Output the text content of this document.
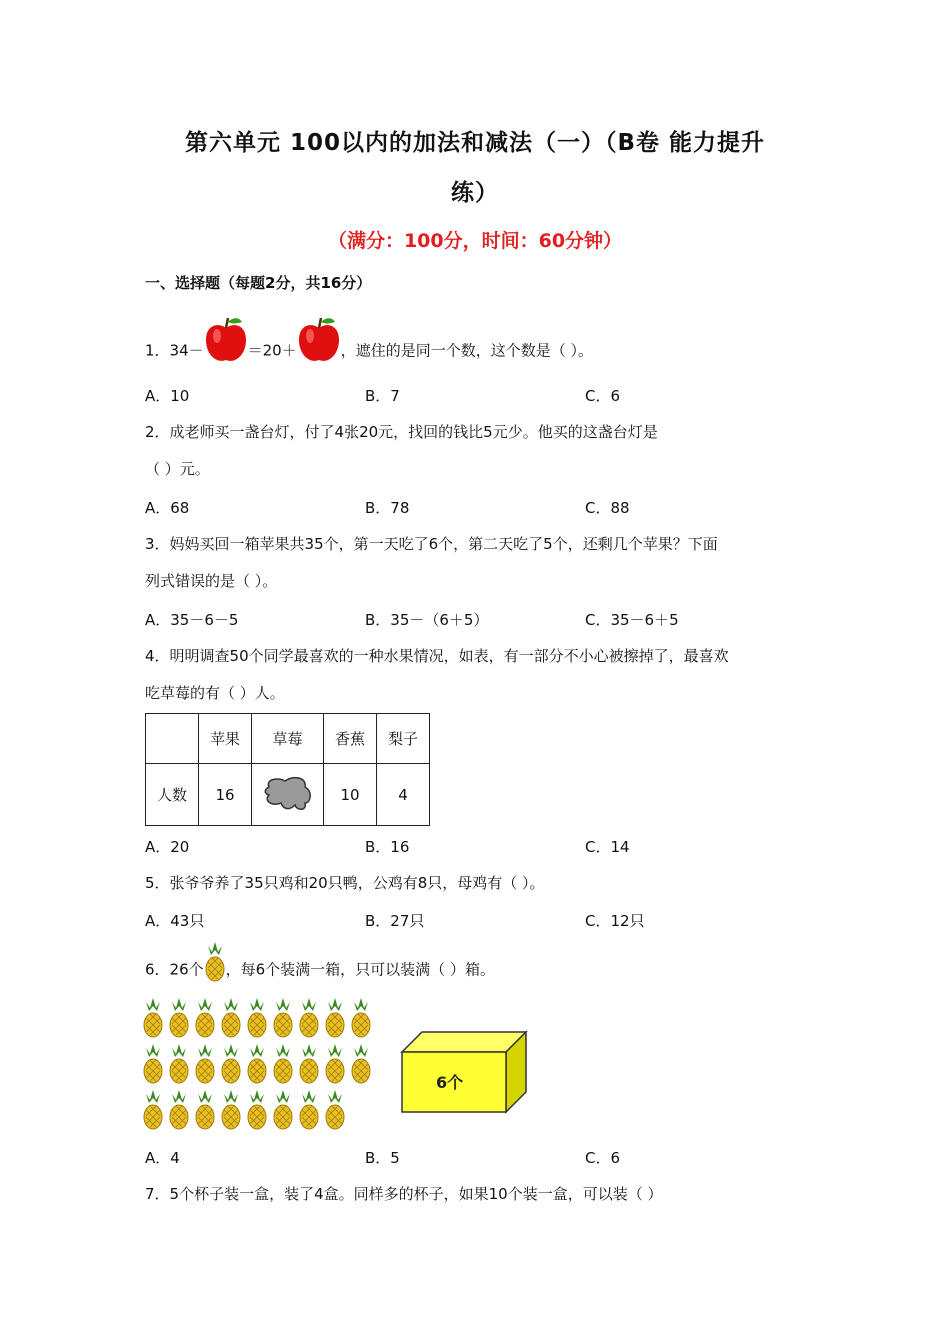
第六单元 100以内的加法和减法（一）（B卷 能力提升
练）
（满分：100分，时间：60分钟）
一、选择题（每题2分，共16分）
1．34－	＝20＋	，遮住的是同一个数，这个数是（ ）。
A．10	B．7	C．6
2．成老师买一盏台灯，付了4张20元，找回的钱比5元少。他买的这盏台灯是
（ ）元。
A．68	B．78	C．88
3．妈妈买回一箱苹果共35个，第一天吃了6个，第二天吃了5个，还剩几个苹果？下面
列式错误的是（ ）。
A．35－6－5	B．35－（6＋5）	C．35－6＋5
4．明明调查50个同学最喜欢的一种水果情况，如表，有一部分不小心被擦掉了，最喜欢
吃草莓的有（ ）人。
	苹果	草莓	香蕉	梨子
人数	16		10	4
A．20	B．16	C．14
5．张爷爷养了35只鸡和20只鸭，公鸡有8只，母鸡有（ ）。
A．43只	B．27只	C．12只
6．26个 ，每6个装满一箱，只可以装满（ ）箱。
6个
A．4	B．5	C．6
7．5个杯子装一盒，装了4盒。同样多的杯子，如果10个装一盒，可以装（ ）
